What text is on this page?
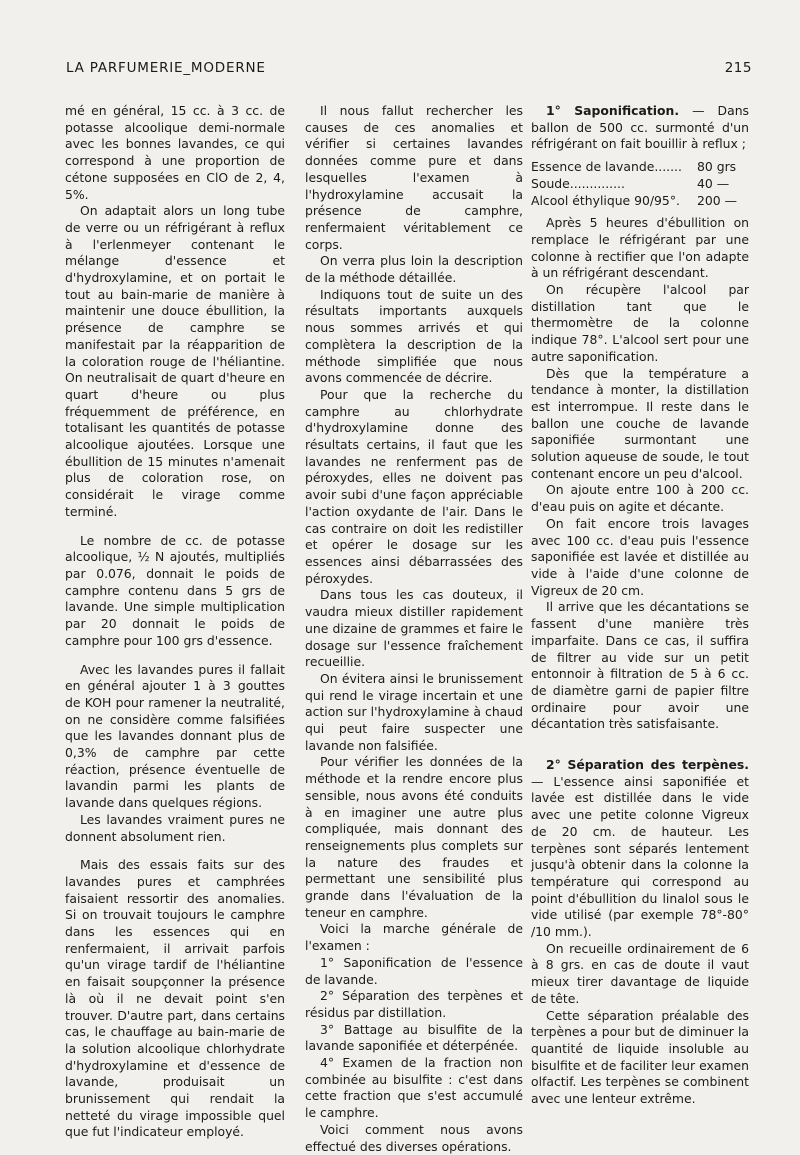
LA PARFUMERIE_MODERNE	215

mé en général, 15 cc. à 3 cc. de potasse alcoolique demi-normale avec les bonnes lavandes, ce qui correspond à une proportion de cétone supposées en ClO de 2, 4, 5%.

On adaptait alors un long tube de verre ou un réfrigérant à reflux à l'erlenmeyer contenant le mélange d'essence et d'hydroxylamine, et on portait le tout au bain-marie de manière à maintenir une douce ébullition, la présence de camphre se manifestait par la réapparition de la coloration rouge de l'héliantine. On neutralisait de quart d'heure en quart d'heure ou plus fréquemment de préférence, en totalisant les quantités de potasse alcoolique ajoutées. Lorsque une ébullition de 15 minutes n'amenait plus de coloration rose, on considérait le virage comme terminé.

Le nombre de cc. de potasse alcoolique, ½ N ajoutés, multipliés par 0.076, donnait le poids de camphre contenu dans 5 grs de lavande. Une simple multiplication par 20 donnait le poids de camphre pour 100 grs d'essence.

Avec les lavandes pures il fallait en général ajouter 1 à 3 gouttes de KOH pour ramener la neutralité, on ne considère comme falsifiées que les lavandes donnant plus de 0,3% de camphre par cette réaction, présence éventuelle de lavandin parmi les plants de lavande dans quelques régions.

Les lavandes vraiment pures ne donnent absolument rien.

Mais des essais faits sur des lavandes pures et camphrées faisaient ressortir des anomalies. Si on trouvait toujours le camphre dans les essences qui en renfermaient, il arrivait parfois qu'un virage tardif de l'héliantine en faisait soupçonner la présence là où il ne devait point s'en trouver. D'autre part, dans certains cas, le chauffage au bain-marie de la solution alcoolique chlorhydrate d'hydroxylamine et d'essence de lavande, produisait un brunissement qui rendait la netteté du virage impossible quel que fut l'indicateur employé.

Il nous fallut rechercher les causes de ces anomalies et vérifier si certaines lavandes données comme pure et dans lesquelles l'examen à l'hydroxylamine accusait la présence de camphre, renfermaient véritablement ce corps.

On verra plus loin la description de la méthode détaillée.

Indiquons tout de suite un des résultats importants auxquels nous sommes arrivés et qui complètera la description de la méthode simplifiée que nous avons commencée de décrire.

Pour que la recherche du camphre au chlorhydrate d'hydroxylamine donne des résultats certains, il faut que les lavandes ne renferment pas de péroxydes, elles ne doivent pas avoir subi d'une façon appréciable l'action oxydante de l'air. Dans le cas contraire on doit les redistiller et opérer le dosage sur les essences ainsi débarrassées des péroxydes.

Dans tous les cas douteux, il vaudra mieux distiller rapidement une dizaine de grammes et faire le dosage sur l'essence fraîchement recueillie.

On évitera ainsi le brunissement qui rend le virage incertain et une action sur l'hydroxylamine à chaud qui peut faire suspecter une lavande non falsifiée.

Pour vérifier les données de la méthode et la rendre encore plus sensible, nous avons été conduits à en imaginer une autre plus compliquée, mais donnant des renseignements plus complets sur la nature des fraudes et permettant une sensibilité plus grande dans l'évaluation de la teneur en camphre.

Voici la marche générale de l'examen :

1° Saponification de l'essence de lavande.

2° Séparation des terpènes et résidus par distillation.

3° Battage au bisulfite de la lavande saponifiée et déterpénée.

4° Examen de la fraction non combinée au bisulfite : c'est dans cette fraction que s'est accumulé le camphre.

Voici comment nous avons effectué des diverses opérations.

1° Saponification. — Dans ballon de 500 cc. surmonté d'un réfrigérant on fait bouillir à reflux ;

Essence de lavande....... 80 grs
Soude..............	40 —
Alcool éthylique 90/95°. 200 —

Après 5 heures d'ébullition on remplace le réfrigérant par une colonne à rectifier que l'on adapte à un réfrigérant descendant.

On récupère l'alcool par distillation tant que le thermomètre de la colonne indique 78°. L'alcool sert pour une autre saponification.

Dès que la température a tendance à monter, la distillation est interrompue. Il reste dans le ballon une couche de lavande saponifiée surmontant une solution aqueuse de soude, le tout contenant encore un peu d'alcool.

On ajoute entre 100 à 200 cc. d'eau puis on agite et décante.

On fait encore trois lavages avec 100 cc. d'eau puis l'essence saponifiée est lavée et distillée au vide à l'aide d'une colonne de Vigreux de 20 cm.

Il arrive que les décantations se fassent d'une manière très imparfaite. Dans ce cas, il suffira de filtrer au vide sur un petit entonnoir à filtration de 5 à 6 cc. de diamètre garni de papier filtre ordinaire pour avoir une décantation très satisfaisante.

2° Séparation des terpènes. — L'essence ainsi saponifiée et lavée est distillée dans le vide avec une petite colonne Vigreux de 20 cm. de hauteur. Les terpènes sont séparés lentement jusqu'à obtenir dans la colonne la température qui correspond au point d'ébullition du linalol sous le vide utilisé (par exemple 78°-80° /10 mm.).

On recueille ordinairement de 6 à 8 grs. en cas de doute il vaut mieux tirer davantage de liquide de tête.

Cette séparation préalable des terpènes a pour but de diminuer la quantité de liquide insoluble au bisulfite et de faciliter leur examen olfactif. Les terpènes se combinent avec une lenteur extrême.
